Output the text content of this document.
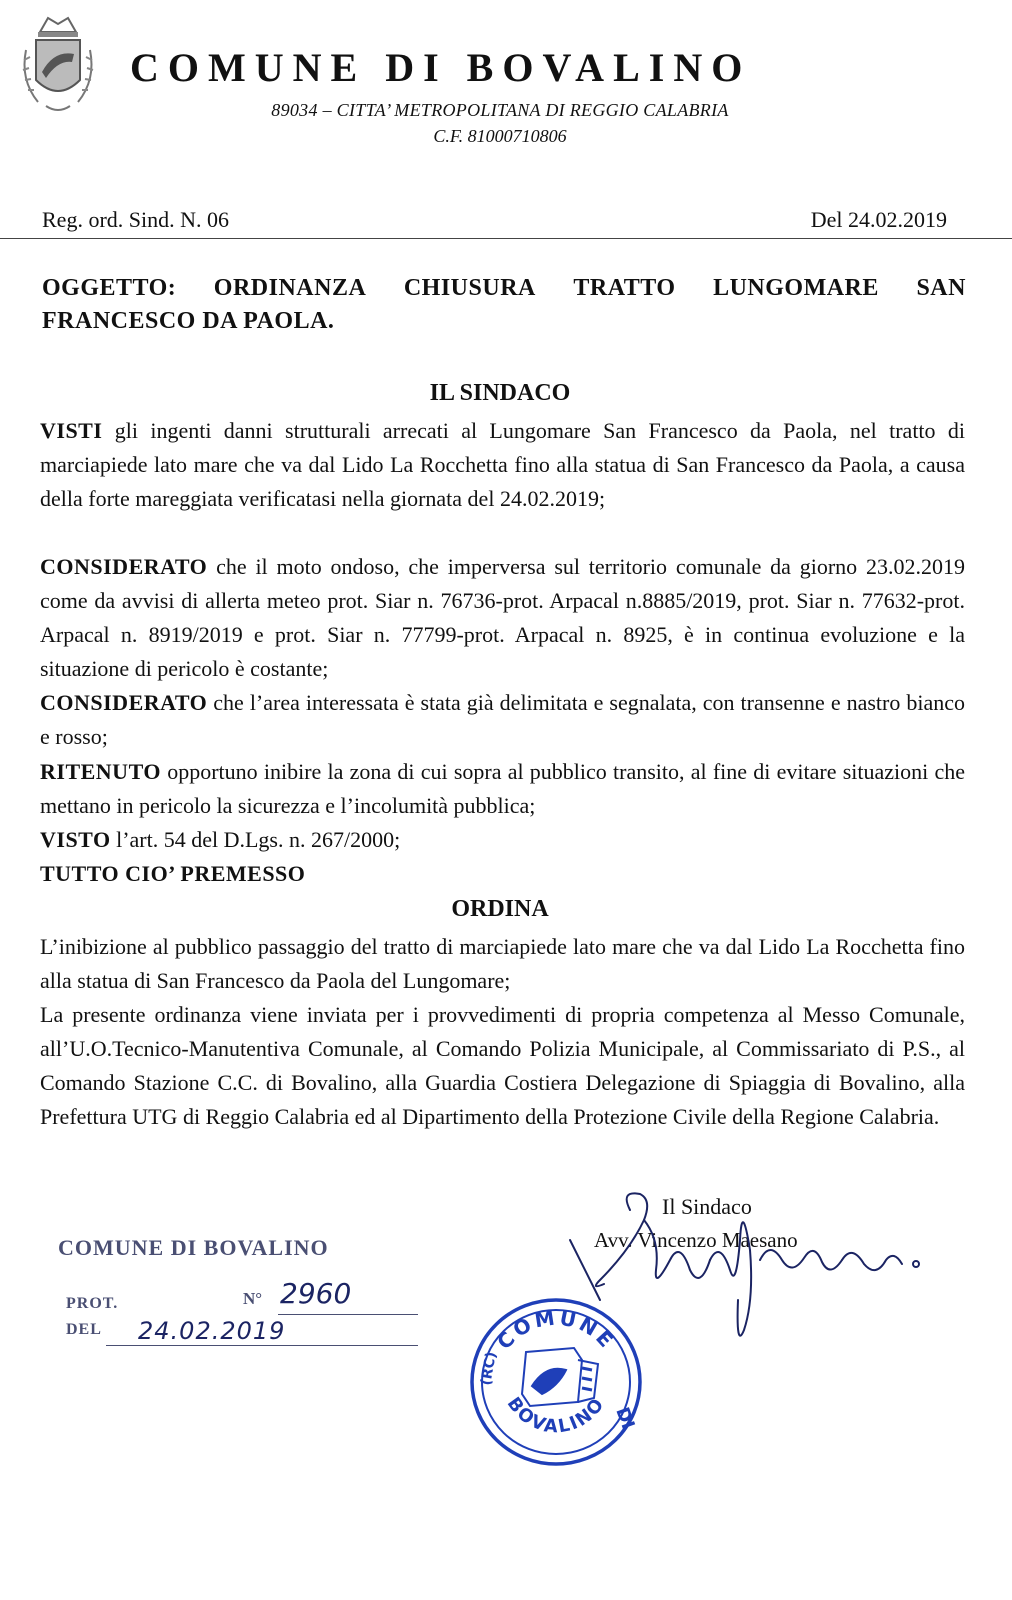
COMUNE DI BOVALINO
89034 – CITTA’ METROPOLITANA DI REGGIO CALABRIA
C.F. 81000710806
Reg. ord. Sind. N. 06	Del 24.02.2019
OGGETTO: ORDINANZA CHIUSURA TRATTO LUNGOMARE SAN
FRANCESCO DA PAOLA.
IL SINDACO
VISTI gli ingenti danni strutturali arrecati al Lungomare San Francesco da Paola, nel tratto di marciapiede lato mare che va dal Lido La Rocchetta fino alla statua di San Francesco da Paola, a causa della forte mareggiata verificatasi nella giornata del 24.02.2019;
CONSIDERATO che il moto ondoso, che imperversa sul territorio comunale da giorno 23.02.2019 come da avvisi di allerta meteo prot. Siar n. 76736-prot. Arpacal n.8885/2019, prot. Siar n. 77632-prot. Arpacal n. 8919/2019 e prot. Siar n. 77799-prot. Arpacal n. 8925, è in continua evoluzione e la situazione di pericolo è costante;
CONSIDERATO che l’area interessata è stata già delimitata e segnalata, con transenne e nastro bianco e rosso;
RITENUTO opportuno inibire la zona di cui sopra al pubblico transito, al fine di evitare situazioni che mettano in pericolo la sicurezza e l’incolumità pubblica;
VISTO l’art. 54 del D.Lgs. n. 267/2000;
TUTTO CIO’ PREMESSO
ORDINA
L’inibizione al pubblico passaggio del tratto di marciapiede lato mare che va dal Lido La Rocchetta fino alla statua di San Francesco da Paola del Lungomare;
La presente ordinanza viene inviata per i provvedimenti di propria competenza al Messo Comunale, all’U.O.Tecnico-Manutentiva Comunale, al Comando Polizia Municipale, al Commissariato di P.S., al Comando Stazione C.C. di Bovalino, alla Guardia Costiera Delegazione di Spiaggia di Bovalino, alla Prefettura UTG di Reggio Calabria ed al Dipartimento della Protezione Civile della Regione Calabria.
COMUNE DI BOVALINO
N° 2960
PROT.
DEL 24.02.2019
Il Sindaco
Avv. Vincenzo Maesano
COMUNE
DI
BOVALINO
(RC)
